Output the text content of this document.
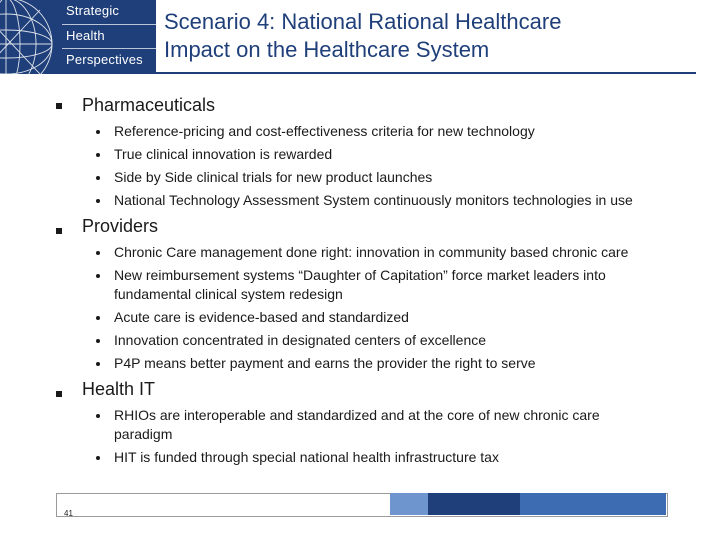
Strategic
Health
Perspectives
Scenario 4: National Rational Healthcare
Impact on the Healthcare System
Pharmaceuticals
Reference-pricing and cost-effectiveness criteria for new technology
True clinical innovation is rewarded
Side by Side clinical trials for new product launches
National Technology Assessment System continuously monitors technologies in use
Providers
Chronic Care management done right: innovation in community based chronic care
New reimbursement systems “Daughter of Capitation” force market leaders into
fundamental clinical system redesign
Acute care is evidence-based and standardized
Innovation concentrated in designated centers of excellence
P4P means better payment and earns the provider the right to serve
Health IT
RHIOs are interoperable and standardized and at the core of new chronic care
paradigm
HIT is funded through special national health infrastructure tax
41
